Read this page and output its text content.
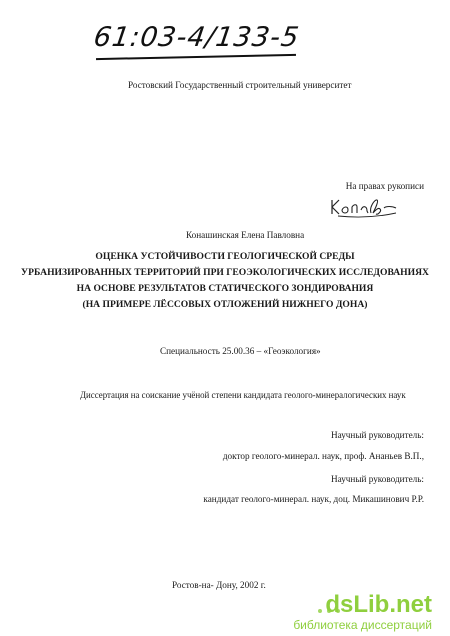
61:03-4/133-5
Ростовский Государственный строительный университет
На правах рукописи
Конашинская Елена Павловна
ОЦЕНКА УСТОЙЧИВОСТИ ГЕОЛОГИЧЕСКОЙ СРЕДЫ
УРБАНИЗИРОВАННЫХ ТЕРРИТОРИЙ ПРИ ГЕОЭКОЛОГИЧЕСКИХ ИССЛЕДОВАНИЯХ
НА ОСНОВЕ РЕЗУЛЬТАТОВ СТАТИЧЕСКОГО ЗОНДИРОВАНИЯ
(НА ПРИМЕРЕ ЛЁССОВЫХ ОТЛОЖЕНИЙ НИЖНЕГО ДОНА)
Специальность 25.00.36 – «Геоэкология»
Диссертация на соискание учёной степени кандидата геолого-минералогических наук
Научный руководитель:
доктор геолого-минерал. наук, проф. Ананьев В.П.,
Научный руководитель:
кандидат геолого-минерал. наук, доц. Микашинович Р.Р.
Ростов-на- Дону, 2002 г.
dsLib.net
библиотека диссертаций
